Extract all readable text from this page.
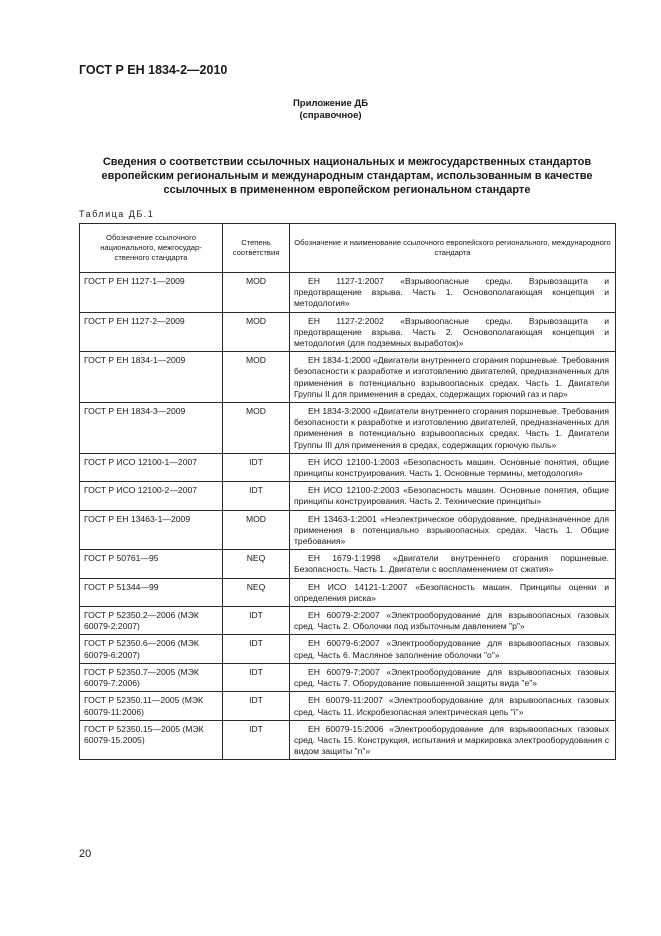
ГОСТ Р ЕН 1834-2—2010
Приложение ДБ
(справочное)
Сведения о соответствии ссылочных национальных и межгосударственных стандартов европейским региональным и международным стандартам, использованным в качестве ссылочных в примененном европейском региональном стандарте
Таблица ДБ.1
Обозначение ссылочного национального, межгосудар-ственного стандарта	Степень соответствия	Обозначение и наименование ссылочного европейского регионального, международного стандарта
ГОСТ Р ЕН 1127-1—2009	MOD	ЕН 1127-1:2007 «Взрывоопасные среды. Взрывозащита и предотвращение взрыва. Часть 1. Основополагающая концепция и методология»
ГОСТ Р ЕН 1127-2—2009	MOD	ЕН 1127-2:2002 «Взрывоопасные среды. Взрывозащита и предотвращение взрыва. Часть 2. Основополагающая концепция и методология (для подземных выработок)»
ГОСТ Р ЕН 1834-1—2009	MOD	ЕН 1834-1:2000 «Двигатели внутреннего сгорания поршневые. Требования безопасности к разработке и изготовлению двигателей, предназначенных для применения в потенциально взрывоопасных средах. Часть 1. Двигатели Группы II для применения в средах, содержащих горючий газ и пар»
ГОСТ Р ЕН 1834-3—2009	MOD	ЕН 1834-3:2000 «Двигатели внутреннего сгорания поршневые. Требования безопасности к разработке и изготовлению двигателей, предназначенных для применения в потенциально взрывоопасных средах. Часть 1. Двигатели Группы III для применения в средах, содержащих горючую пыль»
ГОСТ Р ИСО 12100-1—2007	IDT	ЕН ИСО 12100-1:2003 «Безопасность машин. Основные понятия, общие принципы конструирования. Часть 1. Основные термины, методология»
ГОСТ Р ИСО 12100-2—2007	IDT	ЕН ИСО 12100-2:2003 «Безопасность машин. Основные понятия, общие принципы конструирования. Часть 2. Технические принципы»
ГОСТ Р ЕН 13463-1—2009	MOD	ЕН 13463-1:2001 «Неэлектрическое оборудование, предназначенное для применения в потенциально взрывоопасных средах. Часть 1. Общие требования»
ГОСТ Р 50761—95	NEQ	ЕН 1679-1:1998 «Двигатели внутреннего сгорания поршневые. Безопасность. Часть 1. Двигатели с воспламенением от сжатия»
ГОСТ Р 51344—99	NEQ	ЕН ИСО 14121-1:2007 «Безопасность машин. Принципы оценки и определения риска»
ГОСТ Р 52350.2—2006 (МЭК 60079-2:2007)	IDT	ЕН 60079-2:2007 «Электрооборудование для взрывоопасных газовых сред. Часть 2. Оболочки под избыточным давлением "р"»
ГОСТ Р 52350.6—2006 (МЭК 60079-6:2007)	IDT	ЕН 60079-6:2007 «Электрооборудование для взрывоопасных газовых сред. Часть 6. Масляное заполнение оболочки "о"»
ГОСТ Р 52350.7—2005 (МЭК 60079-7:2006)	IDT	ЕН 60079-7:2007 «Электрооборудование для взрывоопасных газовых сред. Часть 7. Оборудование повышенной защиты вида "е"»
ГОСТ Р 52350.11—2005 (МЭК 60079-11:2006)	IDT	ЕН 60079-11:2007 «Электрооборудование для взрывоопасных газовых сред. Часть 11. Искробезопасная электрическая цепь "i"»
ГОСТ Р 52350.15—2005 (МЭК 60079-15.2005)	IDT	ЕН 60079-15:2006 «Электрооборудование для взрывоопасных газовых сред. Часть 15. Конструкция, испытания и маркировка электрооборудования с видом защиты "n"»
20
